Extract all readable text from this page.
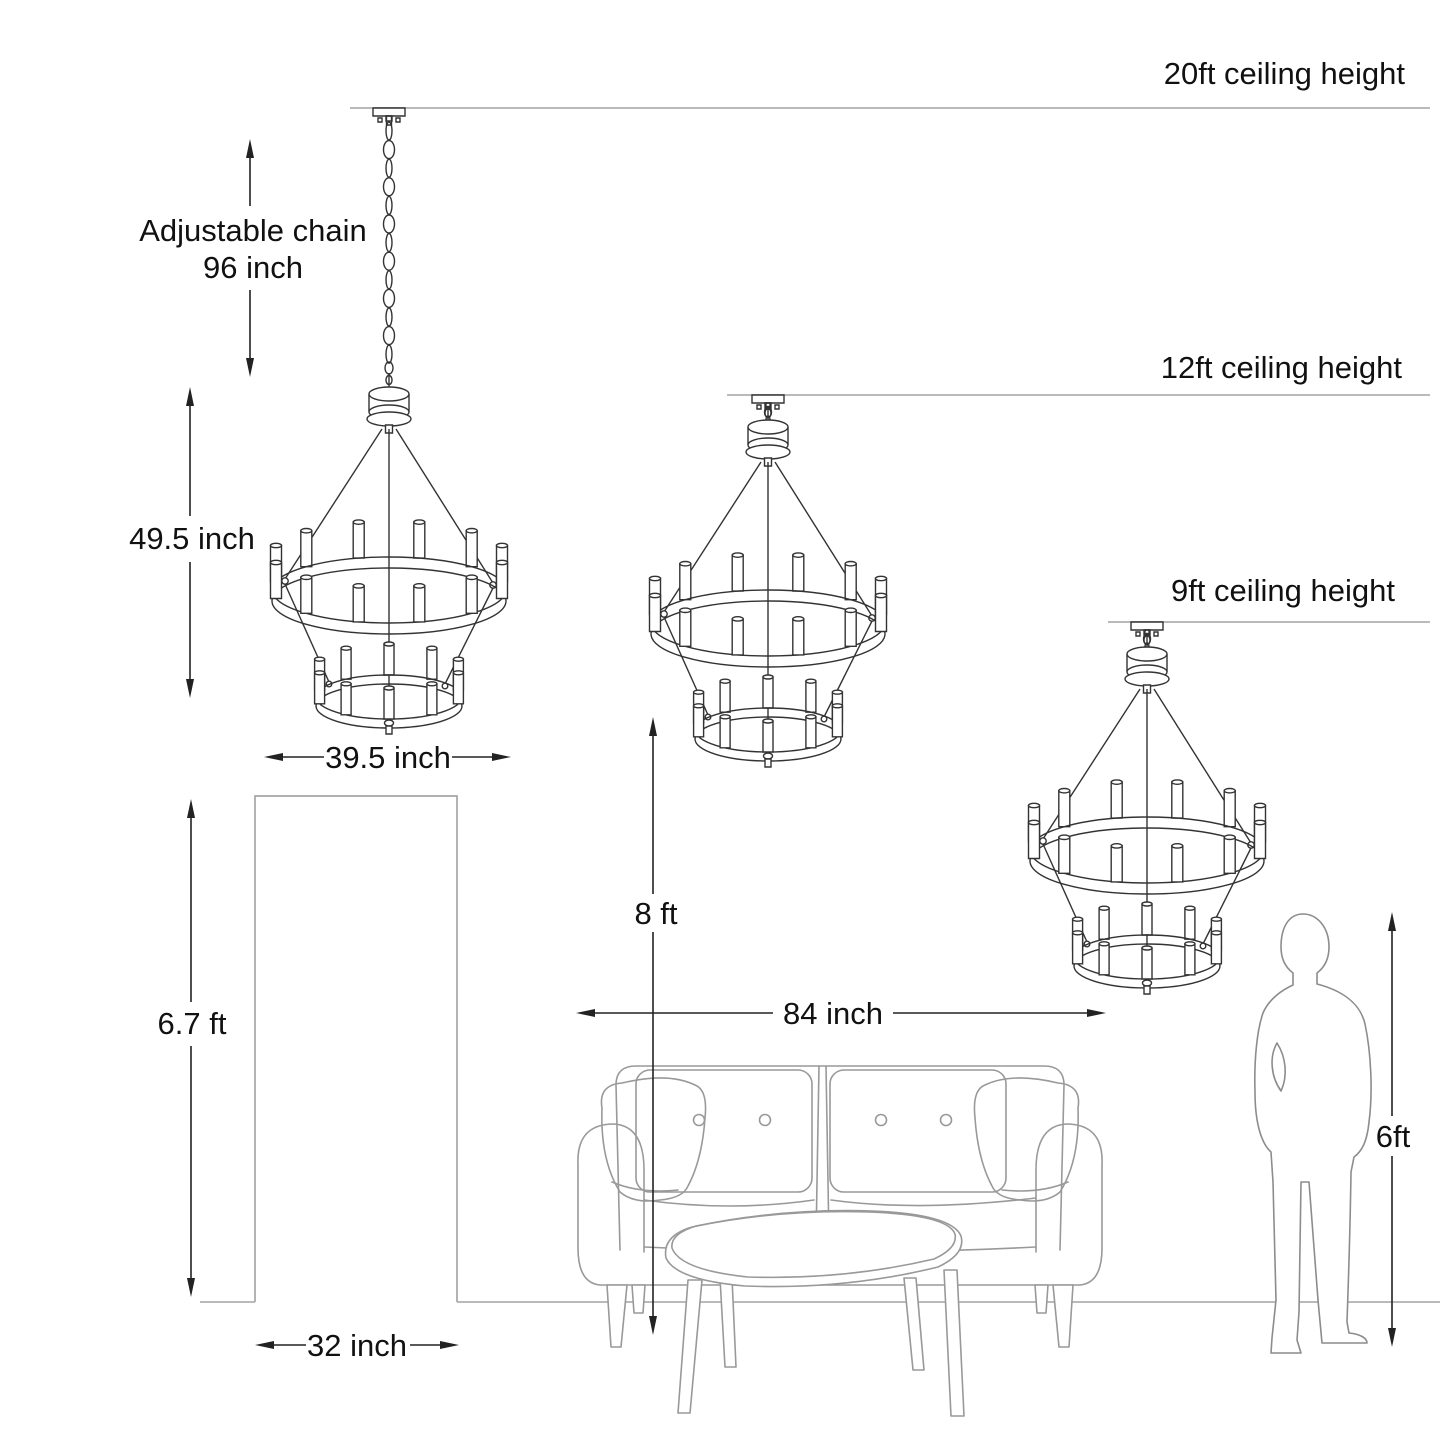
20ft ceiling height
12ft ceiling height
9ft ceiling height
Adjustable chain
96 inch
49.5 inch
39.5 inch
6.7 ft
32 inch
8 ft
84 inch
6ft
